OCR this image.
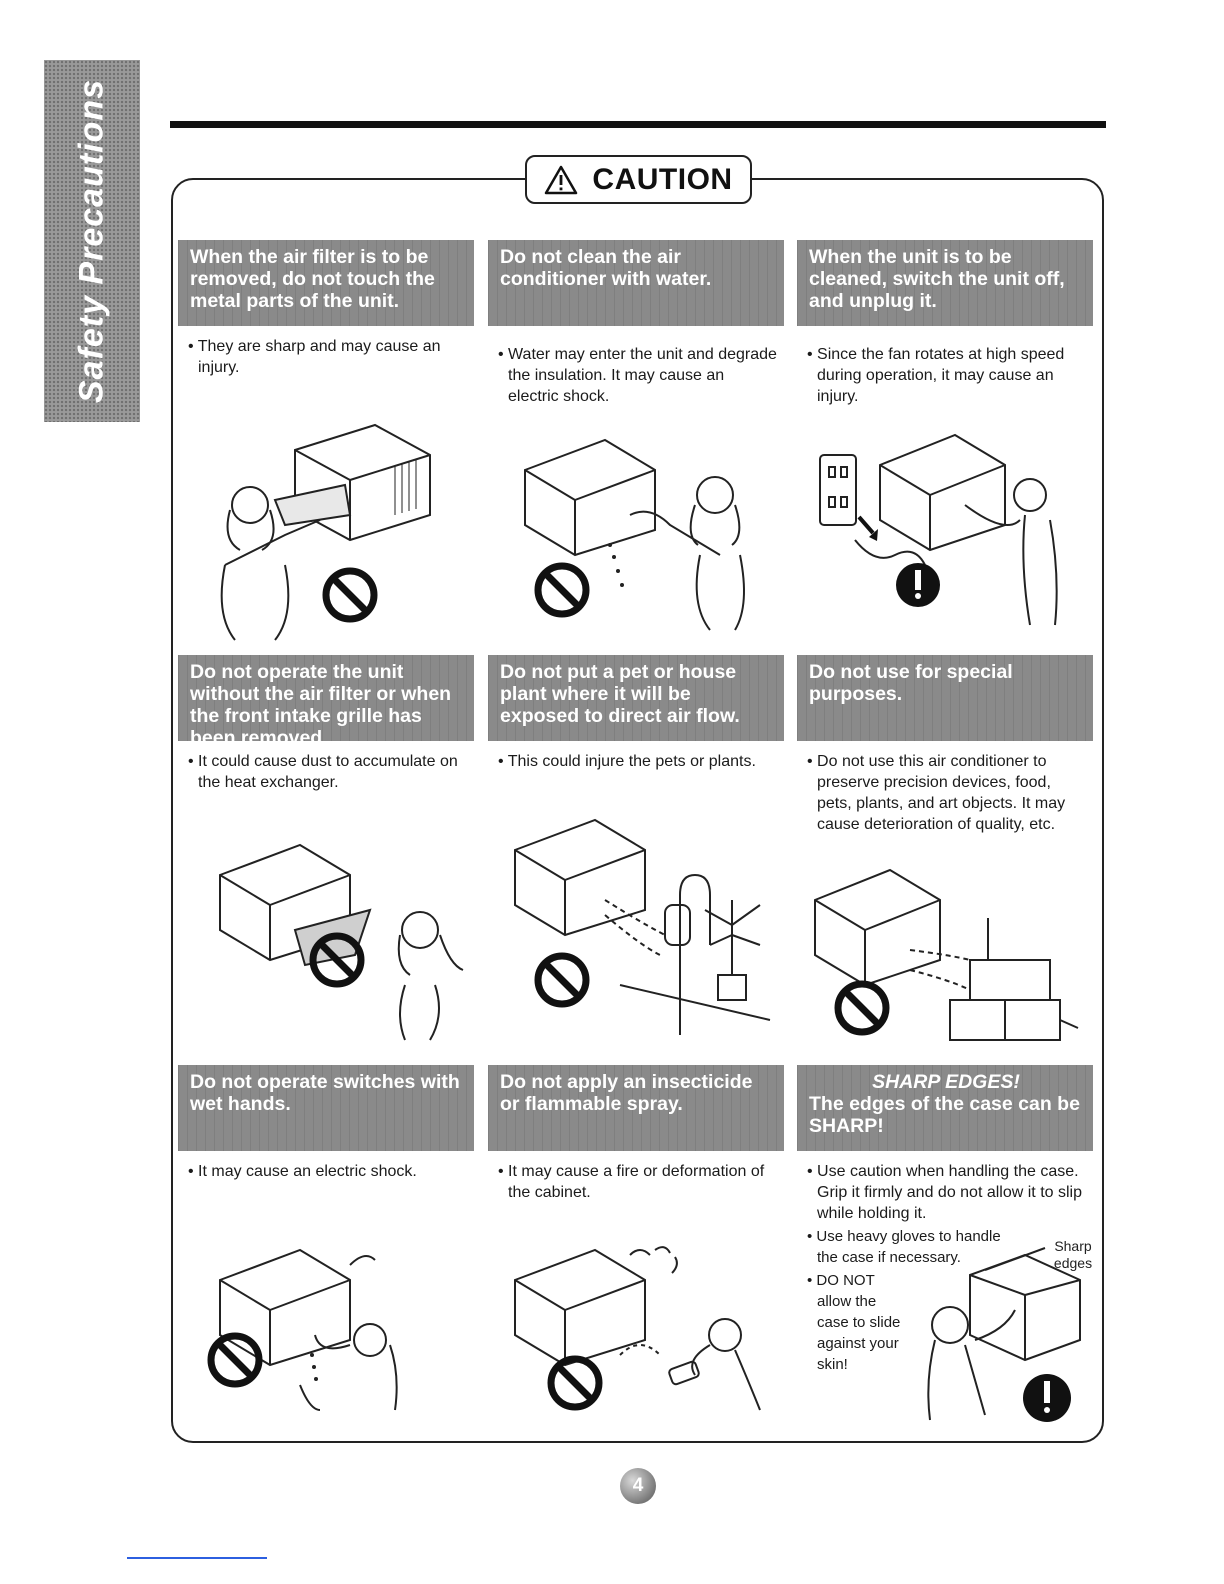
Safety Precautions	CAUTION
When the air filter is to be removed, do not touch the metal parts of the unit.

• They are sharp and may cause an injury.

Do not clean the air conditioner with water.

• Water may enter the unit and degrade the insulation. It may cause an electric shock.

When the unit is to be cleaned, switch the unit off, and unplug it.

• Since the fan rotates at high speed during operation, it may cause an injury.

Do not operate the unit without the air filter or when the front intake grille has been removed.

• It could cause dust to accumulate on the heat exchanger.

Do not put a pet or house plant where it will be exposed to direct air flow.

• This could injure the pets or plants.

Do not use for special purposes.

• Do not use this air conditioner to preserve precision devices, food, pets, plants, and art objects. It may cause deterioration of quality, etc.

Do not operate switches with wet hands.

• It may cause an electric shock.

Do not apply an insecticide or flammable spray.

• It may cause a fire or deformation of the cabinet.

SHARP EDGES!
The edges of the case can be SHARP!

• Use caution when handling the case. Grip it firmly and do not allow it to slip while holding it.

• Use heavy gloves to handle the case if necessary.

• DO NOT allow the case to slide against your skin!

Sharp edges
4
